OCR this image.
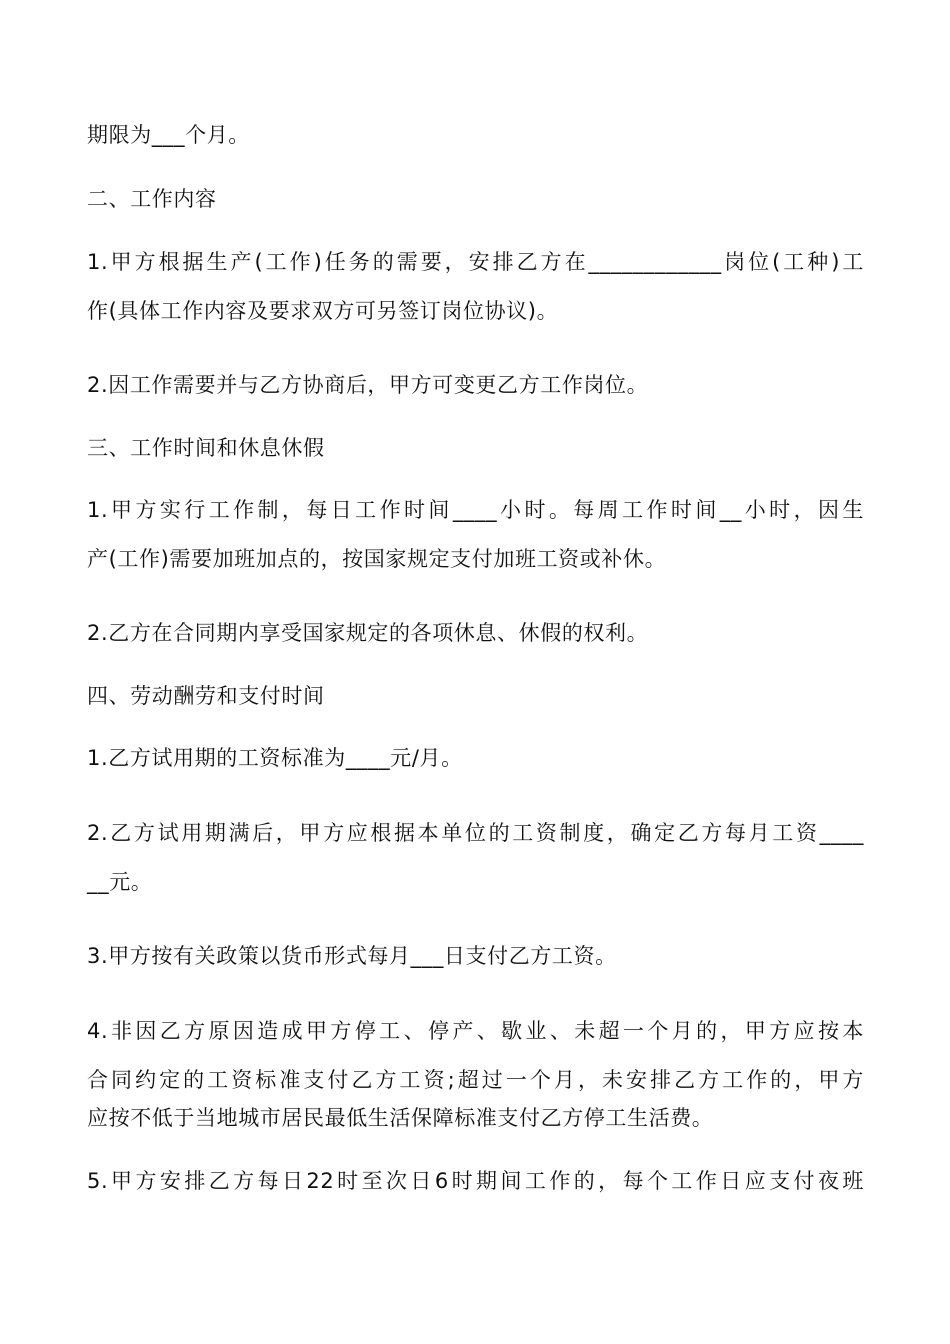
期限为___个月。
二、工作内容
1.甲方根据生产(工作)任务的需要，安排乙方在____________岗位(工种)工
作(具体工作内容及要求双方可另签订岗位协议)。
2.因工作需要并与乙方协商后，甲方可变更乙方工作岗位。
三、工作时间和休息休假
1.甲方实行工作制，每日工作时间____小时。每周工作时间__小时，因生
产(工作)需要加班加点的，按国家规定支付加班工资或补休。
2.乙方在合同期内享受国家规定的各项休息、休假的权利。
四、劳动酬劳和支付时间
1.乙方试用期的工资标准为____元/月。
2.乙方试用期满后，甲方应根据本单位的工资制度，确定乙方每月工资____
__元。
3.甲方按有关政策以货币形式每月___日支付乙方工资。
4.非因乙方原因造成甲方停工、停产、歇业、未超一个月的，甲方应按本
合同约定的工资标准支付乙方工资;超过一个月，未安排乙方工作的，甲方
应按不低于当地城市居民最低生活保障标准支付乙方停工生活费。
5.甲方安排乙方每日22时至次日6时期间工作的，每个工作日应支付夜班
